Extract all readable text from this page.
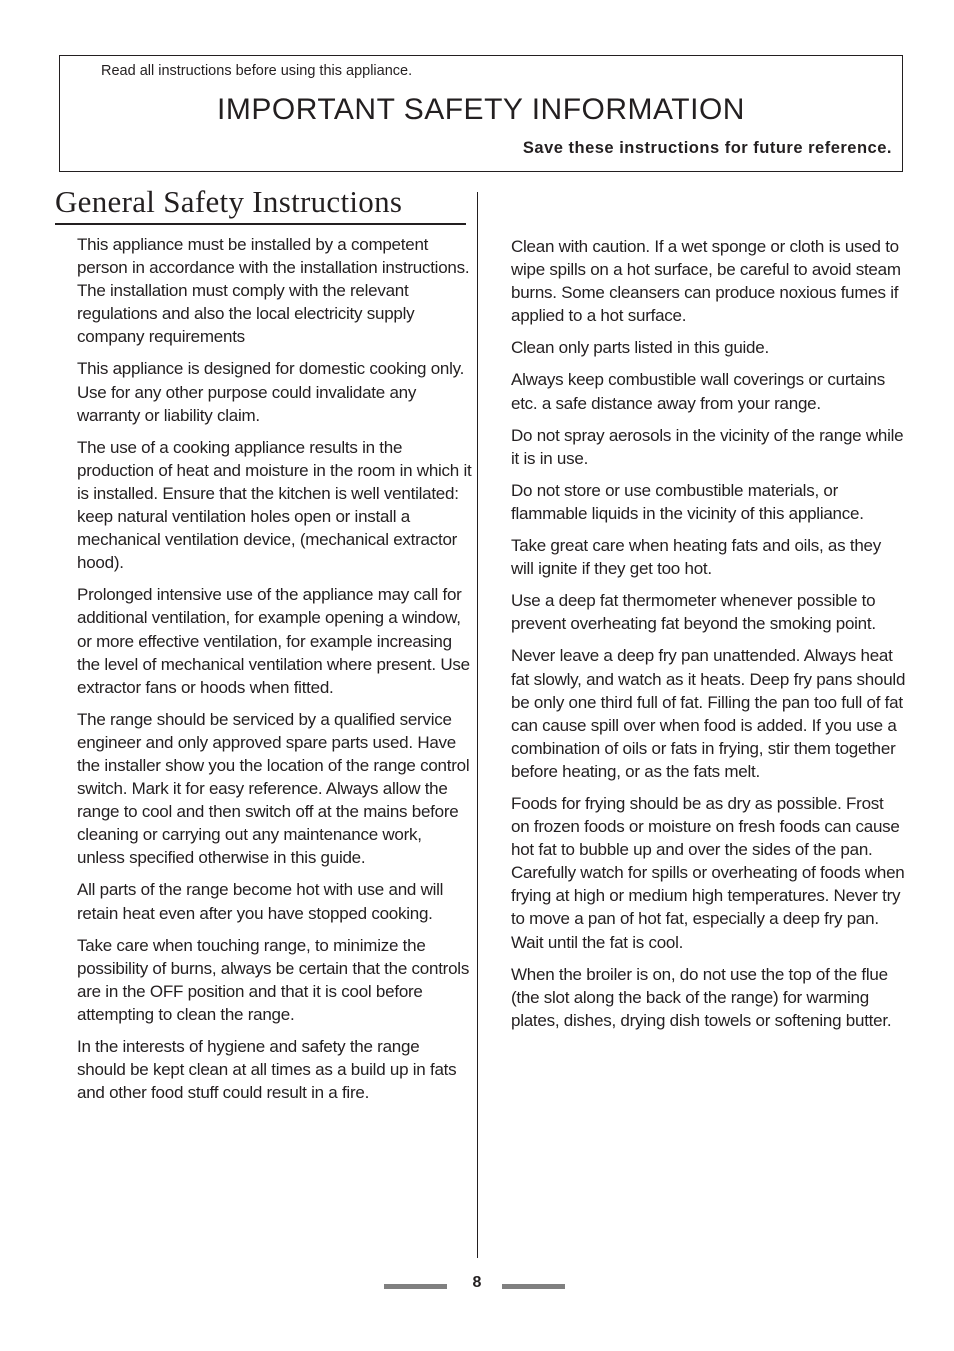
Read all instructions before using this appliance.
IMPORTANT SAFETY INFORMATION
Save these instructions for future reference.
General Safety Instructions

This appliance must be installed by a competent person in accordance with the installation instructions. The installation must comply with the relevant regulations and also the local electricity supply company requirements

This appliance is designed for domestic cooking only. Use for any other purpose could invalidate any warranty or liability claim.

The use of a cooking appliance results in the production of heat and moisture in the room in which it is installed. Ensure that the kitchen is well ventilated: keep natural ventilation holes open or install a mechanical ventilation device, (mechanical extractor hood).

Prolonged intensive use of the appliance may call for additional ventilation, for example opening a window, or more effective ventilation, for example increasing the level of mechanical ventilation where present. Use extractor fans or hoods when fitted.

The range should be serviced by a qualified service engineer and only approved spare parts used. Have the installer show you the location of the range control switch. Mark it for easy reference. Always allow the range to cool and then switch off at the mains before cleaning or carrying out any maintenance work, unless specified otherwise in this guide.

All parts of the range become hot with use and will retain heat even after you have stopped cooking.

Take care when touching range, to minimize the possibility of burns, always be certain that the controls are in the OFF position and that it is cool before attempting to clean the range.

In the interests of hygiene and safety the range should be kept clean at all times as a build up in fats and other food stuff could result in a fire.

Clean with caution. If a wet sponge or cloth is used to wipe spills on a hot surface, be careful to avoid steam burns. Some cleansers can produce noxious fumes if applied to a hot surface.

Clean only parts listed in this guide.

Always keep combustible wall coverings or curtains etc. a safe distance away from your range.

Do not spray aerosols in the vicinity of the range while it is in use.

Do not store or use combustible materials, or flammable liquids in the vicinity of this appliance.

Take great care when heating fats and oils, as they will ignite if they get too hot.

Use a deep fat thermometer whenever possible to prevent overheating fat beyond the smoking point.

Never leave a deep fry pan unattended. Always heat fat slowly, and watch as it heats. Deep fry pans should be only one third full of fat. Filling the pan too full of fat can cause spill over when food is added. If you use a combination of oils or fats in frying, stir them together before heating, or as the fats melt.

Foods for frying should be as dry as possible. Frost on frozen foods or moisture on fresh foods can cause hot fat to bubble up and over the sides of the pan. Carefully watch for spills or overheating of foods when frying at high or medium high temperatures. Never try to move a pan of hot fat, especially a deep fry pan. Wait until the fat is cool.

When the broiler is on, do not use the top of the flue (the slot along the back of the range) for warming plates, dishes, drying dish towels or softening butter.

8
